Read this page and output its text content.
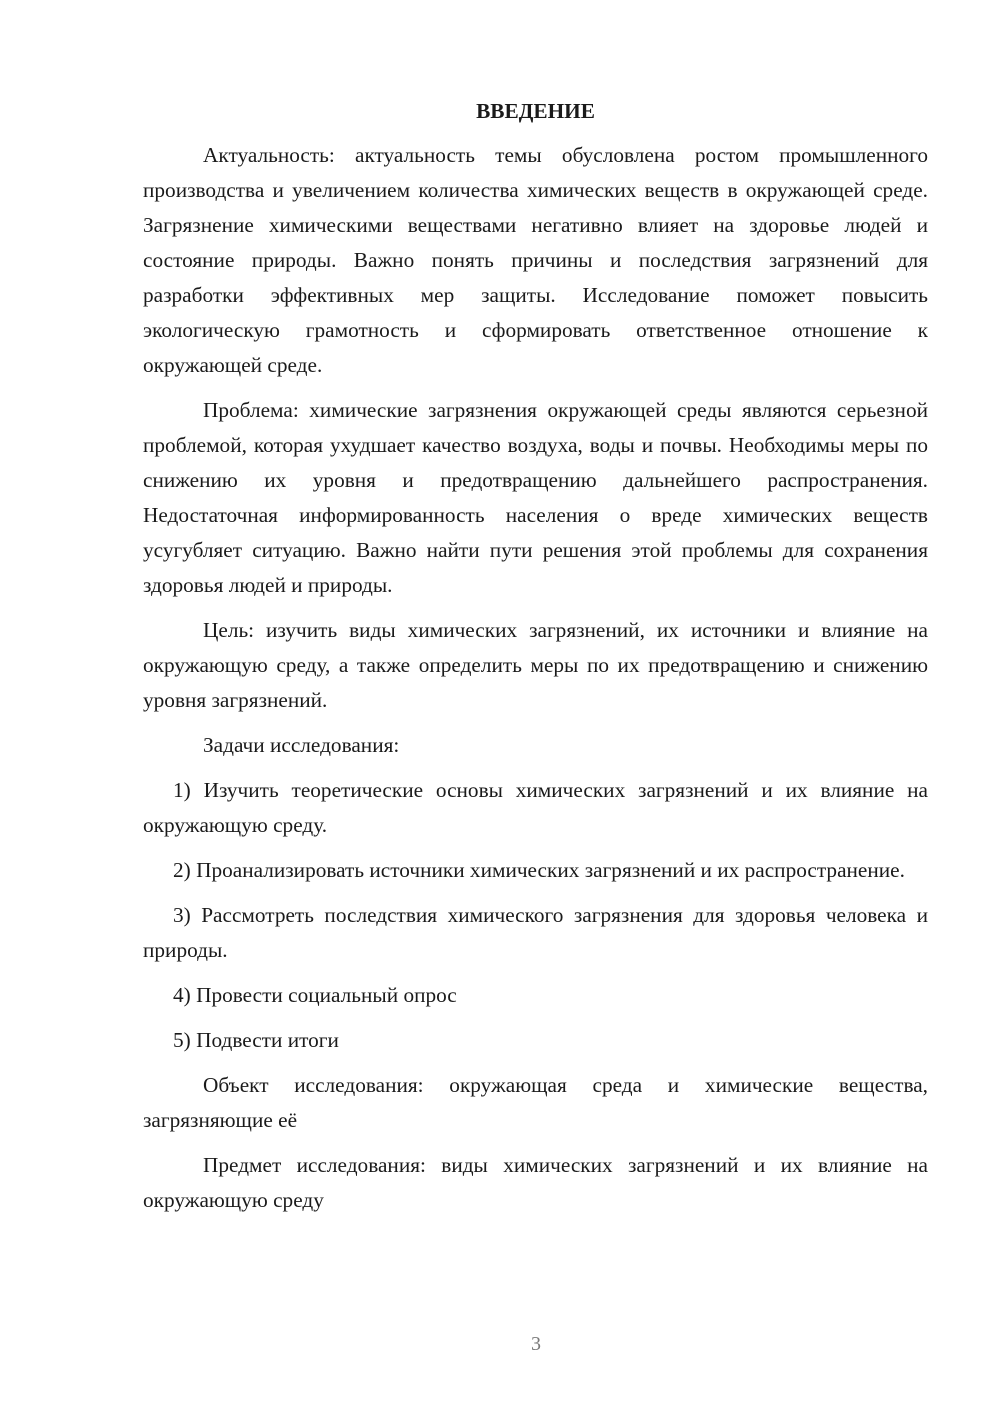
ВВЕДЕНИЕ

Актуальность: актуальность темы обусловлена ростом промышленного производства и увеличением количества химических веществ в окружающей среде. Загрязнение химическими веществами негативно влияет на здоровье людей и состояние природы. Важно понять причины и последствия загрязнений для разработки эффективных мер защиты. Исследование поможет повысить экологическую грамотность и сформировать ответственное отношение к окружающей среде.

Проблема: химические загрязнения окружающей среды являются серьезной проблемой, которая ухудшает качество воздуха, воды и почвы. Необходимы меры по снижению их уровня и предотвращению дальнейшего распространения. Недостаточная информированность населения о вреде химических веществ усугубляет ситуацию. Важно найти пути решения этой проблемы для сохранения здоровья людей и природы.

Цель: изучить виды химических загрязнений, их источники и влияние на окружающую среду, а также определить меры по их предотвращению и снижению уровня загрязнений.

Задачи исследования:

1) Изучить теоретические основы химических загрязнений и их влияние на окружающую среду.

2) Проанализировать источники химических загрязнений и их распространение.

3) Рассмотреть последствия химического загрязнения для здоровья человека и природы.

4) Провести социальный опрос

5) Подвести итоги

Объект исследования: окружающая среда и химические вещества, загрязняющие её

Предмет исследования: виды химических загрязнений и их влияние на окружающую среду

3
